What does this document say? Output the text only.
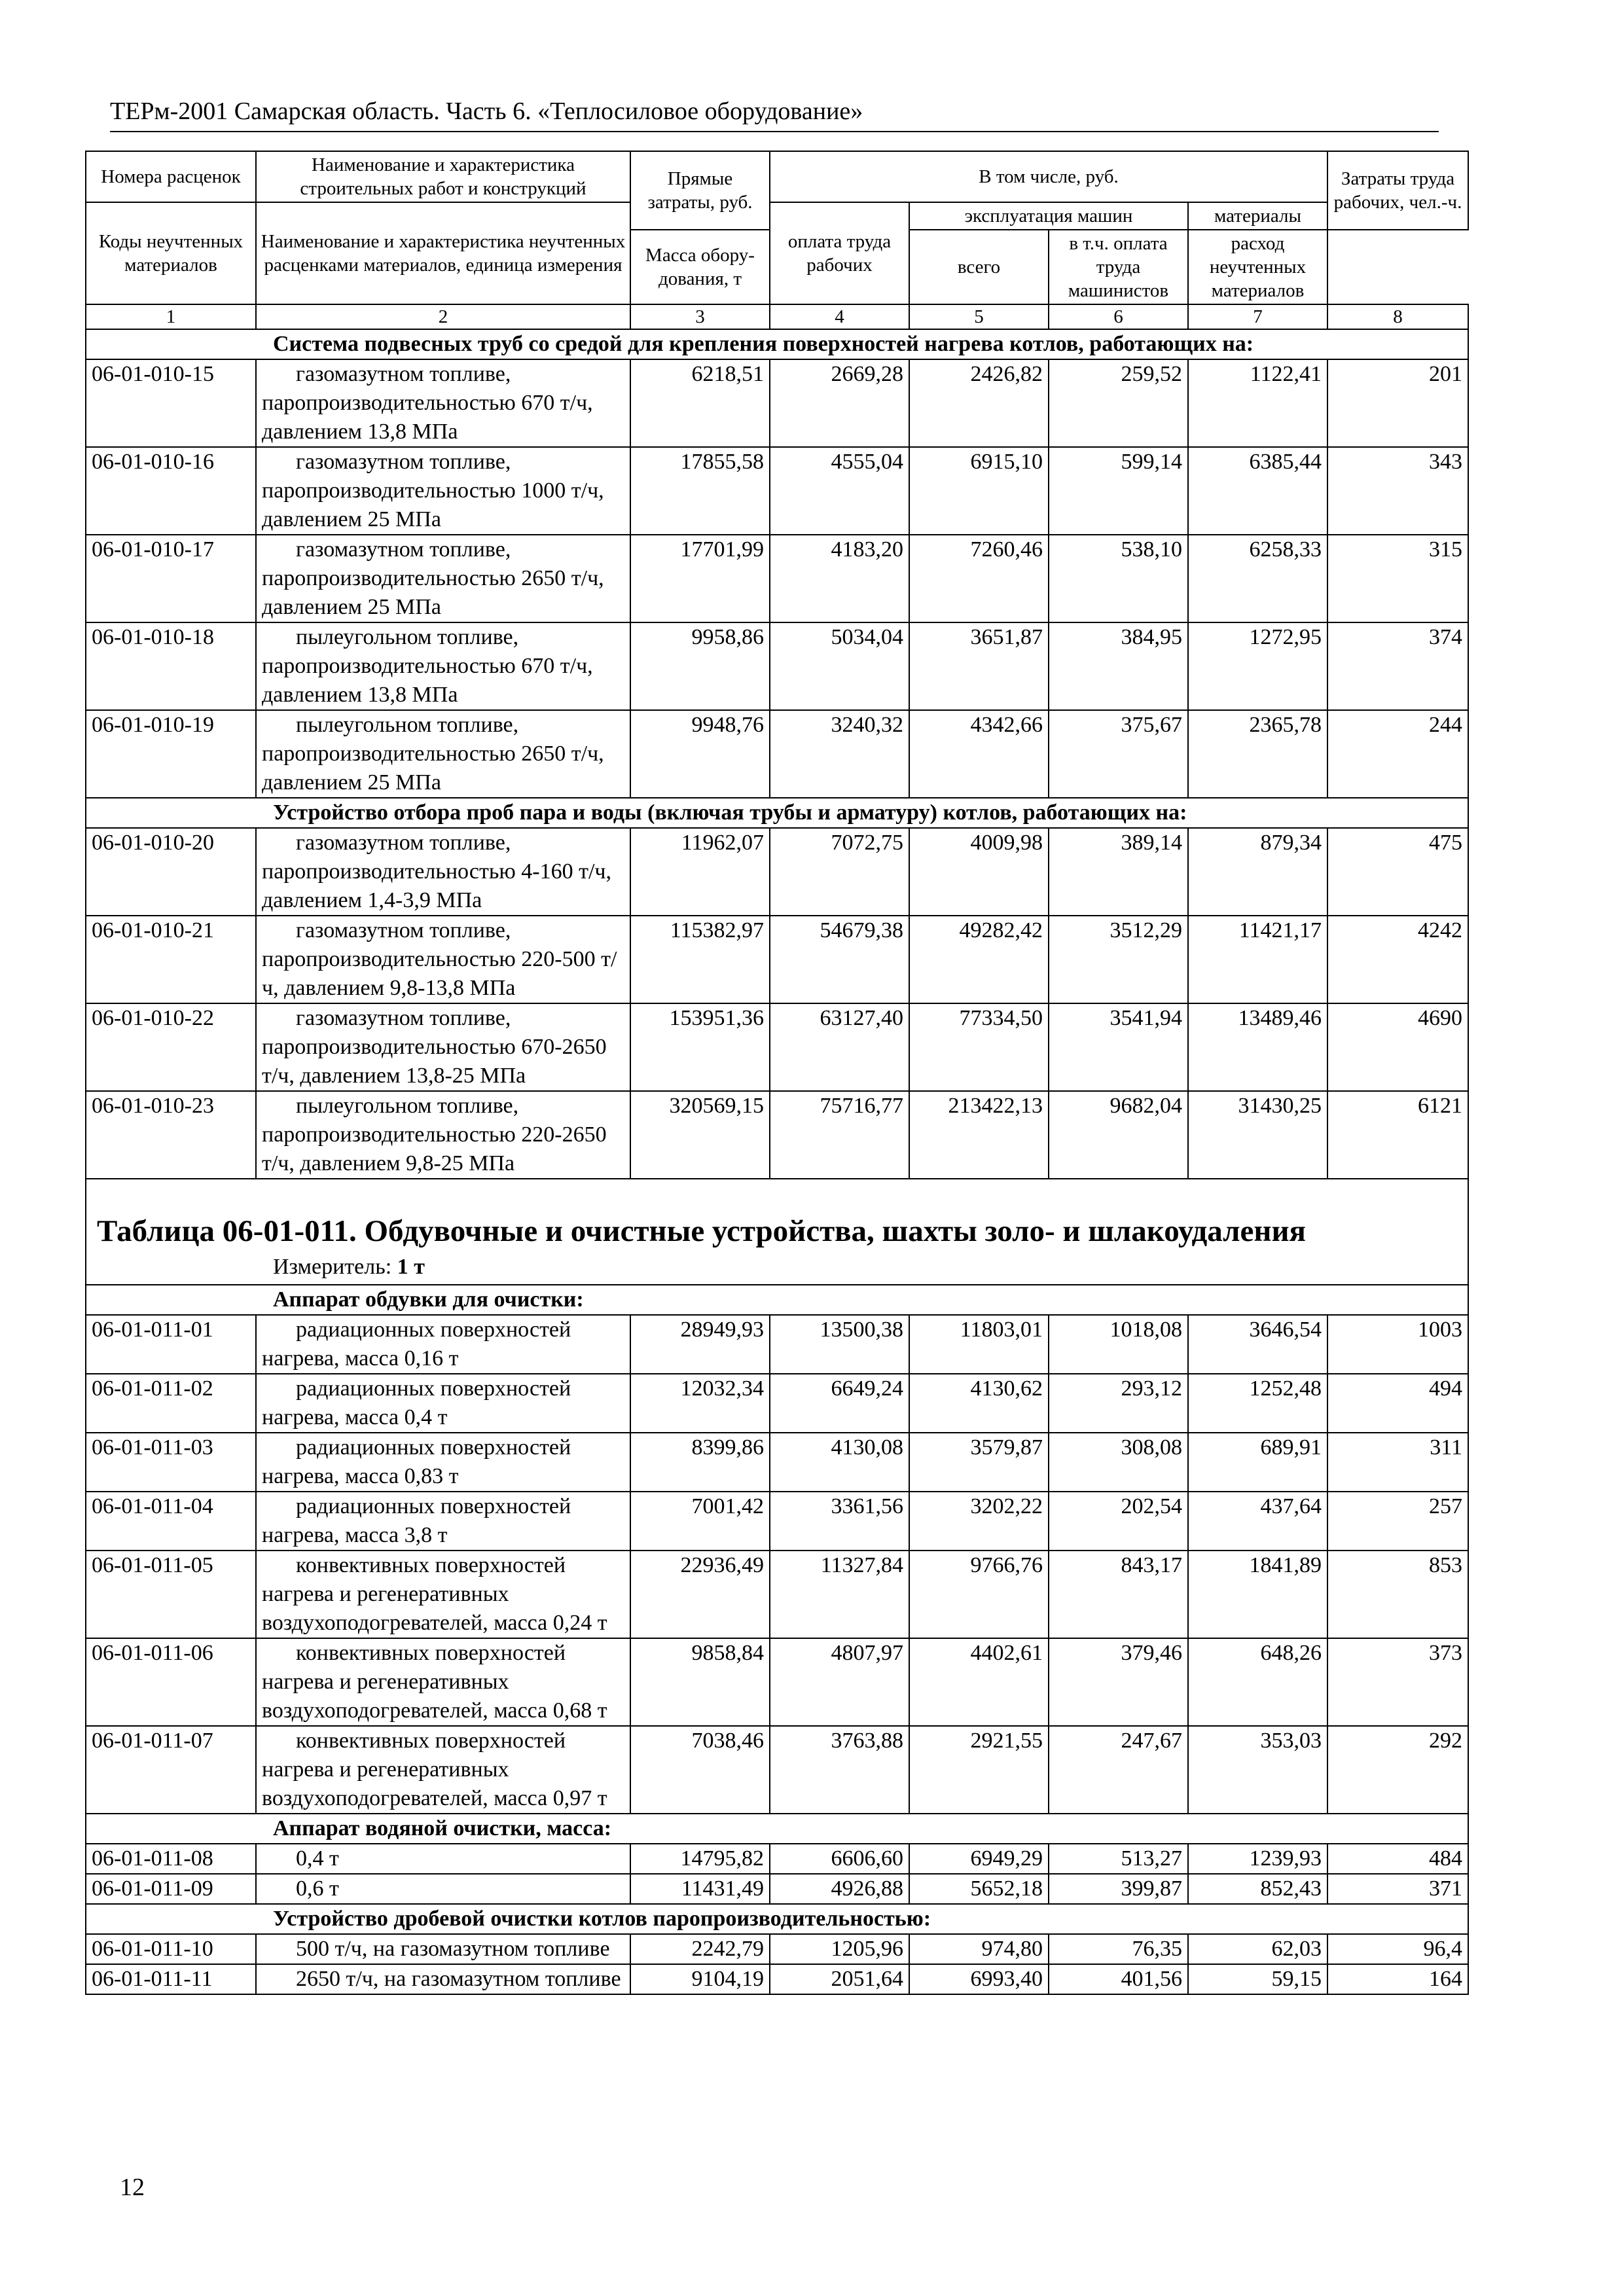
ТЕРм-2001 Самарская область. Часть 6. «Теплосиловое оборудование»
Номера расценок	Наименование и характеристика строительных работ и конструкций	Прямые затраты, руб.	В том числе, руб.				Затраты труда рабочих, чел.-ч.
Коды неучтенных материалов	Наименование и характеристика неучтенных расценками материалов, единица измерения		оплата труда рабочих	эксплуатация машин		материалы	
				всего	в т.ч. оплата труда машинистов	расход неучтенных материалов	
		Масса обору-дования, т					
1	2	3	4	5	6	7	8
Система подвесных труб со средой для крепления поверхностей нагрева котлов, работающих на:							
06-01-010-15	газомазутном топливе, паропроизводительностью 670 т/ч, давлением 13,8 МПа	6218,51	2669,28	2426,82	259,52	1122,41	201
06-01-010-16	газомазутном топливе, паропроизводительностью 1000 т/ч, давлением 25 МПа	17855,58	4555,04	6915,10	599,14	6385,44	343
06-01-010-17	газомазутном топливе, паропроизводительностью 2650 т/ч, давлением 25 МПа	17701,99	4183,20	7260,46	538,10	6258,33	315
06-01-010-18	пылеугольном топливе, паропроизводительностью 670 т/ч, давлением 13,8 МПа	9958,86	5034,04	3651,87	384,95	1272,95	374
06-01-010-19	пылеугольном топливе, паропроизводительностью 2650 т/ч, давлением 25 МПа	9948,76	3240,32	4342,66	375,67	2365,78	244
Устройство отбора проб пара и воды (включая трубы и арматуру) котлов, работающих на:							
06-01-010-20	газомазутном топливе, паропроизводительностью 4-160 т/ч, давлением 1,4-3,9 МПа	11962,07	7072,75	4009,98	389,14	879,34	475
06-01-010-21	газомазутном топливе, паропроизводительностью 220-500 т/ч, давлением 9,8-13,8 МПа	115382,97	54679,38	49282,42	3512,29	11421,17	4242
06-01-010-22	газомазутном топливе, паропроизводительностью 670-2650 т/ч, давлением 13,8-25 МПа	153951,36	63127,40	77334,50	3541,94	13489,46	4690
06-01-010-23	пылеугольном топливе, паропроизводительностью 220-2650 т/ч, давлением 9,8-25 МПа	320569,15	75716,77	213422,13	9682,04	31430,25	6121

Таблица 06-01-011. Обдувочные и очистные устройства, шахты золо- и шлакоудаления							
Измеритель: 1 т							
Аппарат обдувки для очистки:							
06-01-011-01	радиационных поверхностей нагрева, масса 0,16 т	28949,93	13500,38	11803,01	1018,08	3646,54	1003
06-01-011-02	радиационных поверхностей нагрева, масса 0,4 т	12032,34	6649,24	4130,62	293,12	1252,48	494
06-01-011-03	радиационных поверхностей нагрева, масса 0,83 т	8399,86	4130,08	3579,87	308,08	689,91	311
06-01-011-04	радиационных поверхностей нагрева, масса 3,8 т	7001,42	3361,56	3202,22	202,54	437,64	257
06-01-011-05	конвективных поверхностей нагрева и регенеративных воздухоподогревателей, масса 0,24 т	22936,49	11327,84	9766,76	843,17	1841,89	853
06-01-011-06	конвективных поверхностей нагрева и регенеративных воздухоподогревателей, масса 0,68 т	9858,84	4807,97	4402,61	379,46	648,26	373
06-01-011-07	конвективных поверхностей нагрева и регенеративных воздухоподогревателей, масса 0,97 т	7038,46	3763,88	2921,55	247,67	353,03	292
Аппарат водяной очистки, масса:							
06-01-011-08	0,4 т	14795,82	6606,60	6949,29	513,27	1239,93	484
06-01-011-09	0,6 т	11431,49	4926,88	5652,18	399,87	852,43	371
Устройство дробевой очистки котлов паропроизводительностью:							
06-01-011-10	500 т/ч, на газомазутном топливе	2242,79	1205,96	974,80	76,35	62,03	96,4
06-01-011-11	2650 т/ч, на газомазутном топливе	9104,19	2051,64	6993,40	401,56	59,15	164
12
